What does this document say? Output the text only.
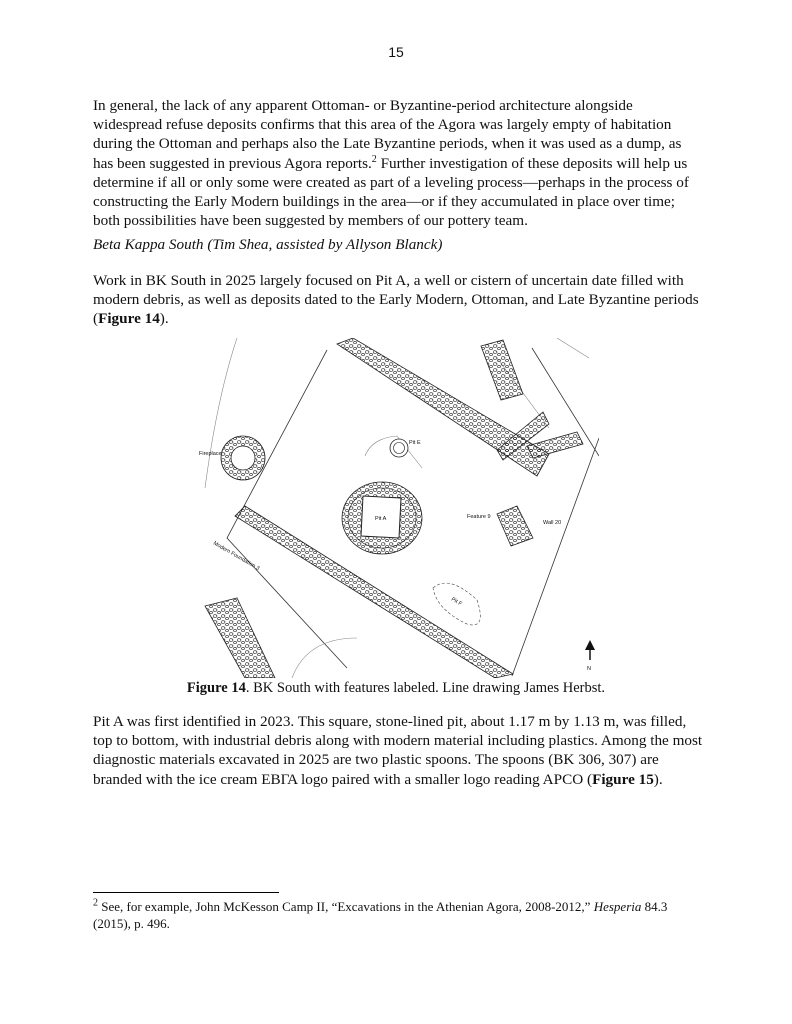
15

In general, the lack of any apparent Ottoman- or Byzantine-period architecture alongside widespread refuse deposits confirms that this area of the Agora was largely empty of habitation during the Ottoman and perhaps also the Late Byzantine periods, when it was used as a dump, as has been suggested in previous Agora reports.$^2$ Further investigation of these deposits will help us determine if all or only some were created as part of a leveling process—perhaps in the process of constructing the Early Modern buildings in the area—or if they accumulated in place over time; both possibilities have been suggested by members of our pottery team.

Beta Kappa South (Tim Shea, assisted by Allyson Blanck)

Work in BK South in 2025 largely focused on Pit A, a well or cistern of uncertain date filled with modern debris, as well as deposits dated to the Early Modern, Ottoman, and Late Byzantine periods (Figure 14).

Fireplace
Pit E
Pit A	Feature 9
Wall 20
Modern Foundation 3
Pit F
N
Figure 14. BK South with features labeled. Line drawing James Herbst.

Pit A was first identified in 2023. This square, stone-lined pit, about 1.17 m by 1.13 m, was filled, top to bottom, with industrial debris along with modern material including plastics. Among the most diagnostic materials excavated in 2025 are two plastic spoons. The spoons (BK 306, 307) are branded with the ice cream ΕΒΓΑ logo paired with a smaller logo reading APCO (Figure 15).

$^2$ See, for example, John McKesson Camp II, “Excavations in the Athenian Agora, 2008-2012,” Hesperia 84.3 (2015), p. 496.
